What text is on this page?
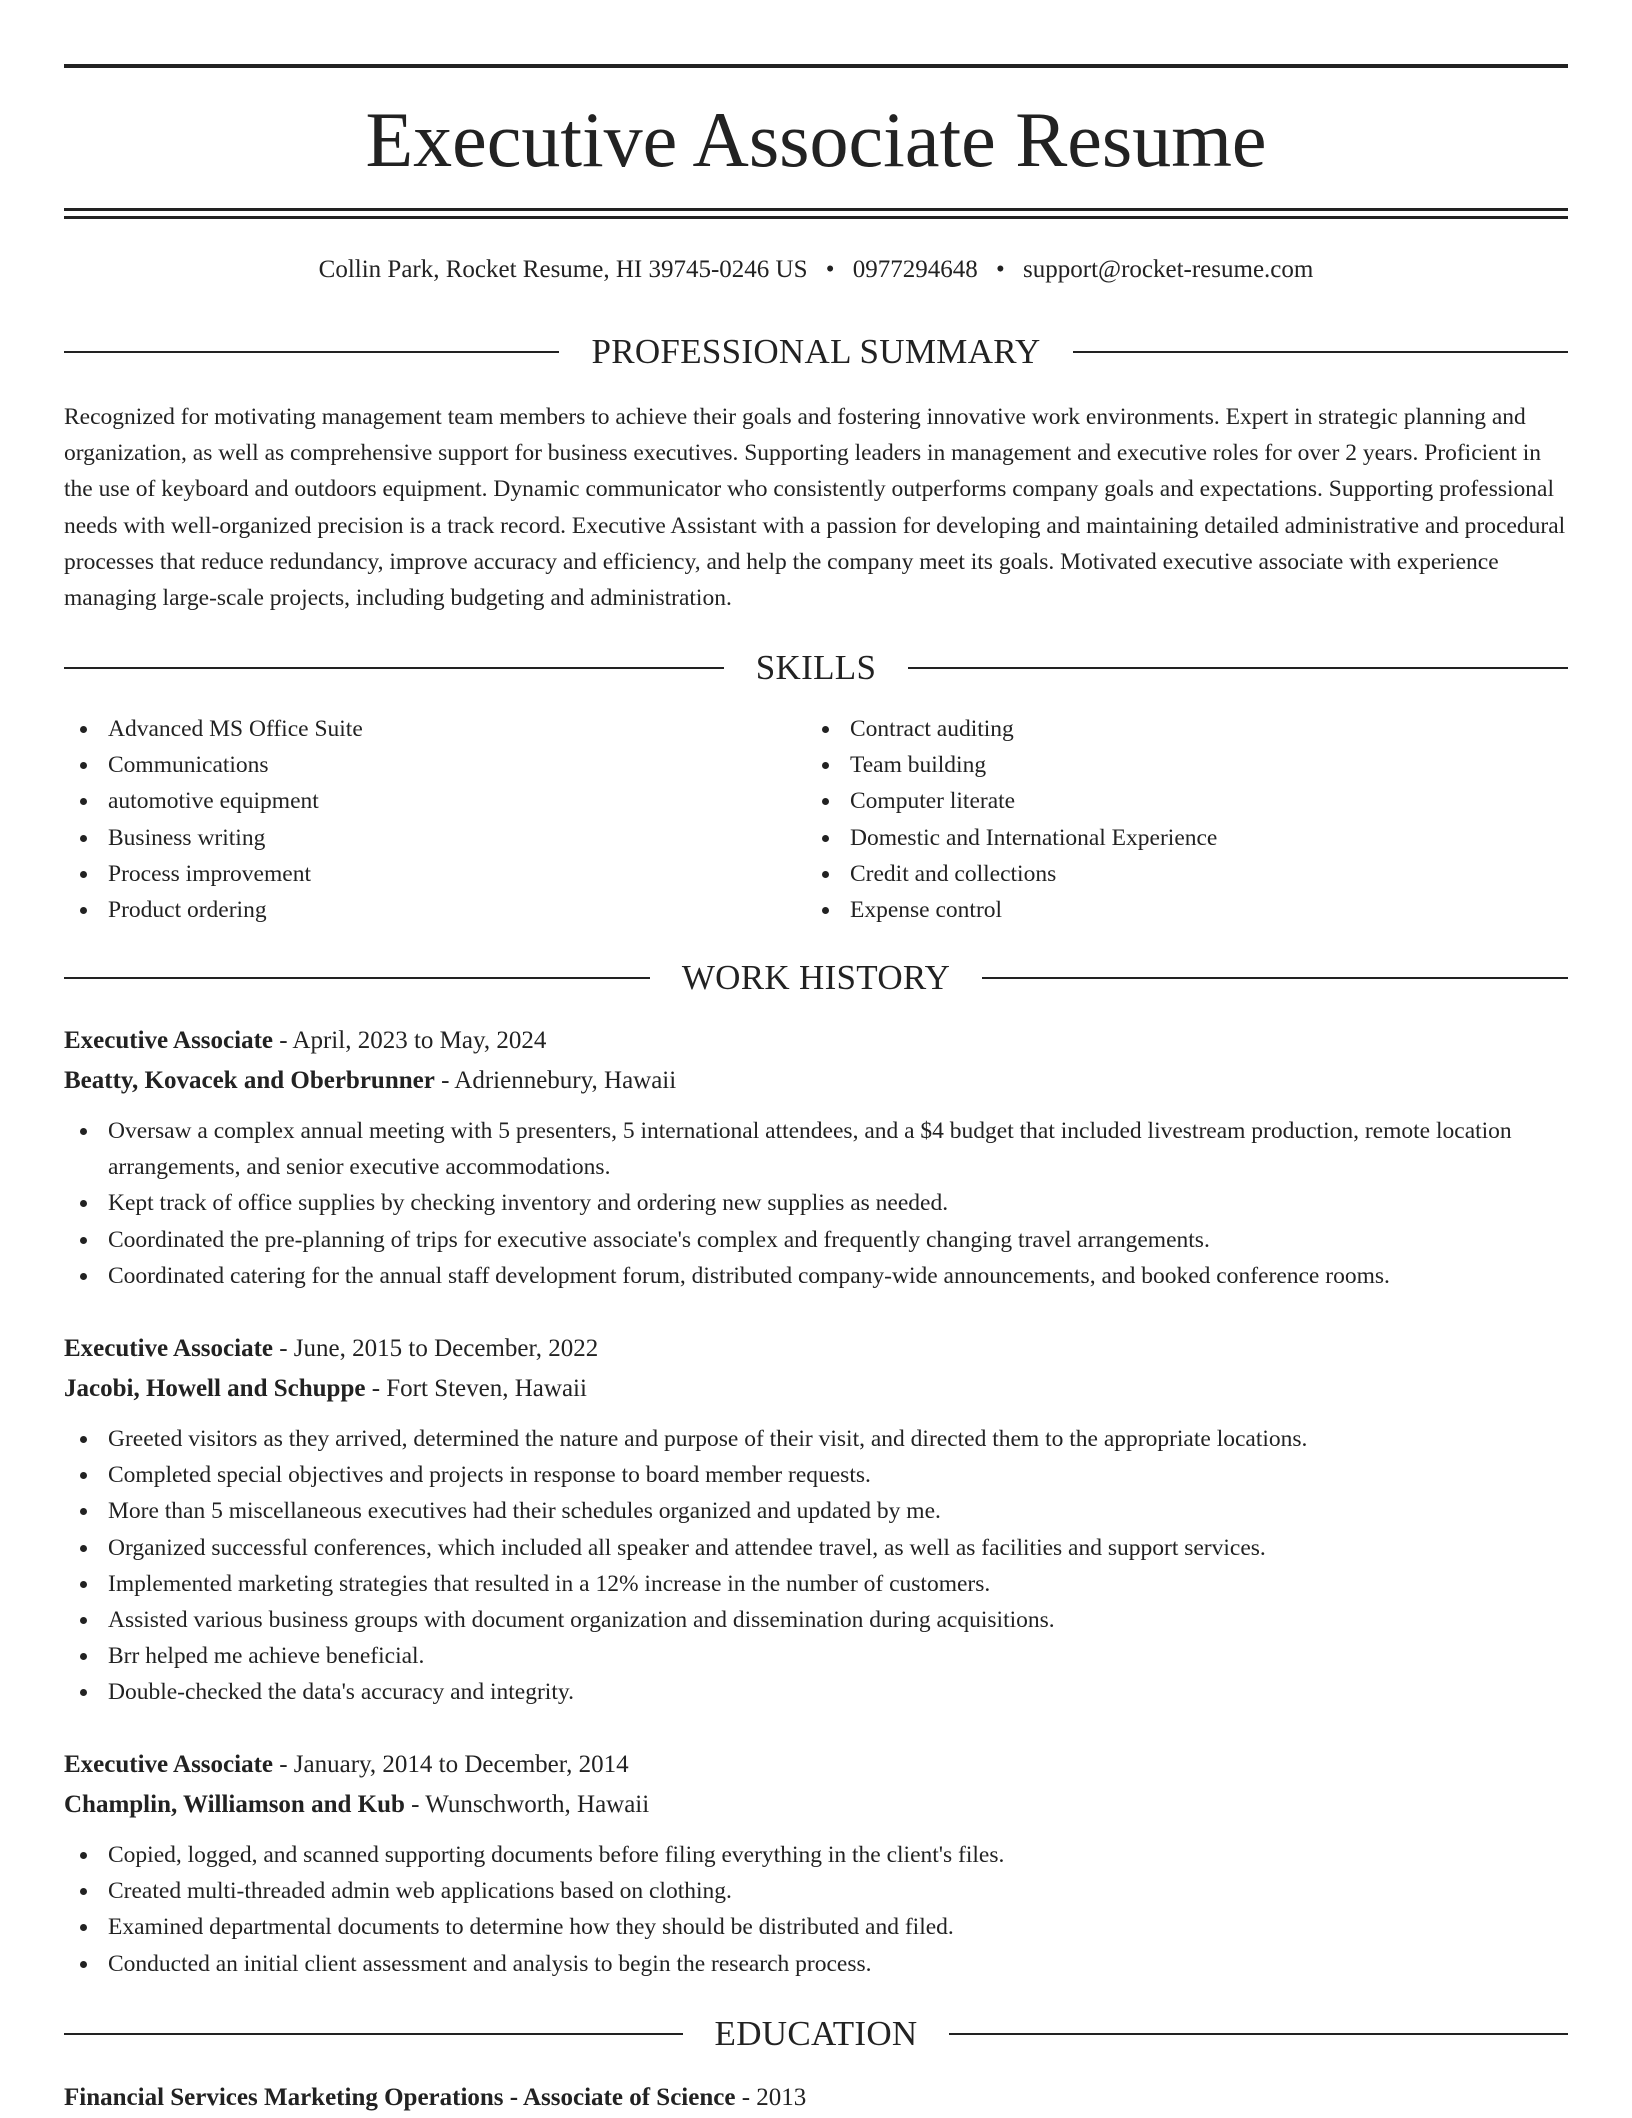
Executive Associate Resume
Collin Park, Rocket Resume, HI 39745-0246 US • 0977294648 • support@rocket-resume.com
PROFESSIONAL SUMMARY

Recognized for motivating management team members to achieve their goals and fostering innovative work environments. Expert in strategic planning and organization, as well as comprehensive support for business executives. Supporting leaders in management and executive roles for over 2 years. Proficient in the use of keyboard and outdoors equipment. Dynamic communicator who consistently outperforms company goals and expectations. Supporting professional needs with well-organized precision is a track record. Executive Assistant with a passion for developing and maintaining detailed administrative and procedural processes that reduce redundancy, improve accuracy and efficiency, and help the company meet its goals. Motivated executive associate with experience managing large-scale projects, including budgeting and administration.

SKILLS
Advanced MS Office Suite
Communications
automotive equipment
Business writing
Process improvement
Product ordering
Contract auditing
Team building
Computer literate
Domestic and International Experience
Credit and collections
Expense control
WORK HISTORY
Executive Associate - April, 2023 to May, 2024
Beatty, Kovacek and Oberbrunner - Adriennebury, Hawaii
Oversaw a complex annual meeting with 5 presenters, 5 international attendees, and a $4 budget that included livestream production, remote location arrangements, and senior executive accommodations.
Kept track of office supplies by checking inventory and ordering new supplies as needed.
Coordinated the pre-planning of trips for executive associate's complex and frequently changing travel arrangements.
Coordinated catering for the annual staff development forum, distributed company-wide announcements, and booked conference rooms.
Executive Associate - June, 2015 to December, 2022
Jacobi, Howell and Schuppe - Fort Steven, Hawaii
Greeted visitors as they arrived, determined the nature and purpose of their visit, and directed them to the appropriate locations.
Completed special objectives and projects in response to board member requests.
More than 5 miscellaneous executives had their schedules organized and updated by me.
Organized successful conferences, which included all speaker and attendee travel, as well as facilities and support services.
Implemented marketing strategies that resulted in a 12% increase in the number of customers.
Assisted various business groups with document organization and dissemination during acquisitions.
Brr helped me achieve beneficial.
Double-checked the data's accuracy and integrity.
Executive Associate - January, 2014 to December, 2014
Champlin, Williamson and Kub - Wunschworth, Hawaii
Copied, logged, and scanned supporting documents before filing everything in the client's files.
Created multi-threaded admin web applications based on clothing.
Examined departmental documents to determine how they should be distributed and filed.
Conducted an initial client assessment and analysis to begin the research process.
EDUCATION
Financial Services Marketing Operations - Associate of Science - 2013
